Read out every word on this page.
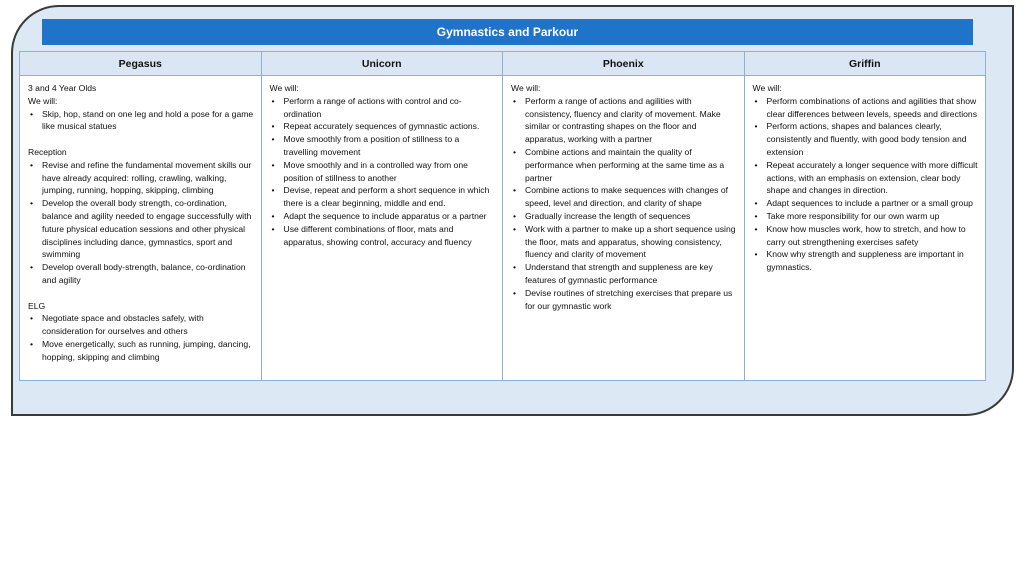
Gymnastics and Parkour
Pegasus

3 and 4 Year Olds

We will:

• Skip, hop, stand on one leg and hold a pose for a game like musical statues

Reception

• Revise and refine the fundamental movement skills our have already acquired: rolling, crawling, walking, jumping, running, hopping, skipping, climbing
• Develop the overall body strength, co-ordination, balance and agility needed to engage successfully with future physical education sessions and other physical disciplines including dance, gymnastics, sport and swimming
• Develop overall body-strength, balance, co-ordination and agility

ELG

• Negotiate space and obstacles safely, with consideration for ourselves and others
• Move energetically, such as running, jumping, dancing, hopping, skipping and climbing
Unicorn

We will:

• Perform a range of actions with control and co-ordination
• Repeat accurately sequences of gymnastic actions.
• Move smoothly from a position of stillness to a travelling movement
• Move smoothly and in a controlled way from one position of stillness to another
• Devise, repeat and perform a short sequence in which there is a clear beginning, middle and end.
• Adapt the sequence to include apparatus or a partner
• Use different combinations of floor, mats and apparatus, showing control, accuracy and fluency
Phoenix

We will:

• Perform a range of actions and agilities with consistency, fluency and clarity of movement. Make similar or contrasting shapes on the floor and apparatus, working with a partner
• Combine actions and maintain the quality of performance when performing at the same time as a partner
• Combine actions to make sequences with changes of speed, level and direction, and clarity of shape
• Gradually increase the length of sequences
• Work with a partner to make up a short sequence using the floor, mats and apparatus, showing consistency, fluency and clarity of movement
• Understand that strength and suppleness are key features of gymnastic performance
• Devise routines of stretching exercises that prepare us for our gymnastic work
Griffin

We will:

• Perform combinations of actions and agilities that show clear differences between levels, speeds and directions
• Perform actions, shapes and balances clearly, consistently and fluently, with good body tension and extension
• Repeat accurately a longer sequence with more difficult actions, with an emphasis on extension, clear body shape and changes in direction.
• Adapt sequences to include a partner or a small group
• Take more responsibility for our own warm up
• Know how muscles work, how to stretch, and how to carry out strengthening exercises safety
• Know why strength and suppleness are important in gymnastics.
